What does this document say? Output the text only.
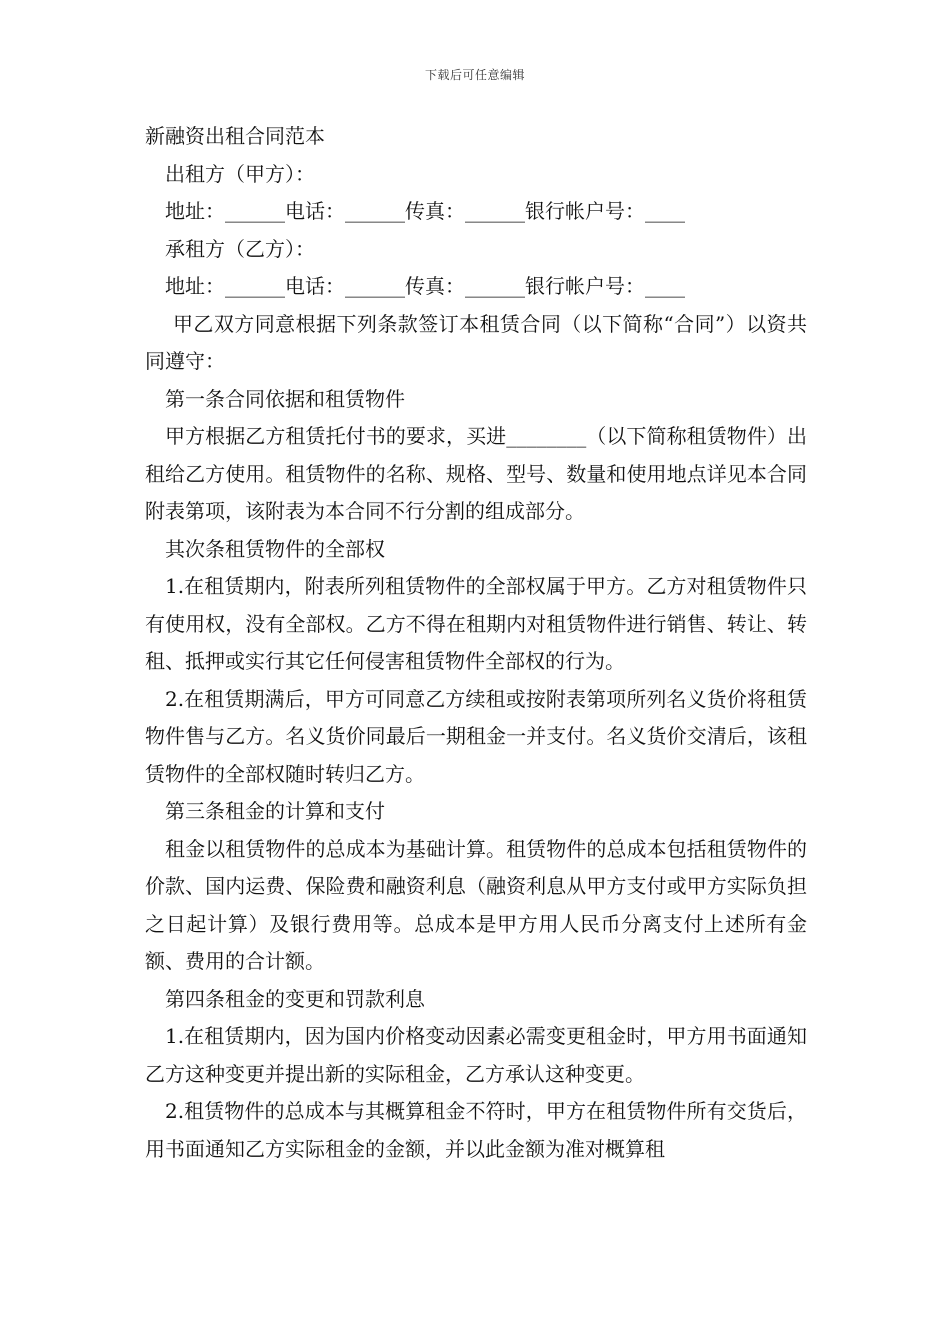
下载后可任意编辑

新融资出租合同范本

出租方（甲方）：

地址：______电话：______传真：______银行帐户号：____

承租方（乙方）：

地址：______电话：______传真：______银行帐户号：____

甲乙双方同意根据下列条款签订本租赁合同（以下简称“合同”）以资共同遵守：

第一条合同依据和租赁物件

甲方根据乙方租赁托付书的要求，买进________（以下简称租赁物件）出租给乙方使用。租赁物件的名称、规格、型号、数量和使用地点详见本合同附表第项，该附表为本合同不行分割的组成部分。

其次条租赁物件的全部权

1.在租赁期内，附表所列租赁物件的全部权属于甲方。乙方对租赁物件只有使用权，没有全部权。乙方不得在租期内对租赁物件进行销售、转让、转租、抵押或实行其它任何侵害租赁物件全部权的行为。

2.在租赁期满后，甲方可同意乙方续租或按附表第项所列名义货价将租赁物件售与乙方。名义货价同最后一期租金一并支付。名义货价交清后，该租赁物件的全部权随时转归乙方。

第三条租金的计算和支付

租金以租赁物件的总成本为基础计算。租赁物件的总成本包括租赁物件的价款、国内运费、保险费和融资利息（融资利息从甲方支付或甲方实际负担之日起计算）及银行费用等。总成本是甲方用人民币分离支付上述所有金额、费用的合计额。

第四条租金的变更和罚款利息

1.在租赁期内，因为国内价格变动因素必需变更租金时，甲方用书面通知乙方这种变更并提出新的实际租金，乙方承认这种变更。

2.租赁物件的总成本与其概算租金不符时，甲方在租赁物件所有交货后，用书面通知乙方实际租金的金额，并以此金额为准对概算租
